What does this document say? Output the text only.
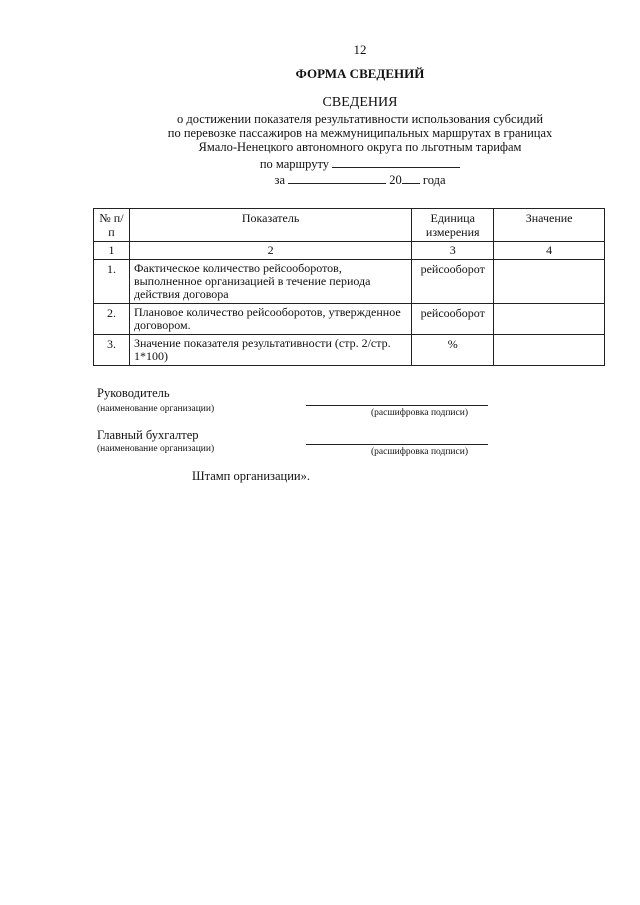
12
ФОРМА СВЕДЕНИЙ
СВЕДЕНИЯ
о достижении показателя результативности использования субсидий
по перевозке пассажиров на межмуниципальных маршрутах в границах
Ямало-Ненецкого автономного округа по льготным тарифам
по маршруту
за	20 года
№ п/п	Показатель	Единица измерения	Значение
1	2	3	4
1.	Фактическое количество рейсооборотов, выполненное организацией в течение периода действия договора	рейсооборот	
2.	Плановое количество рейсооборотов, утвержденное договором.	рейсооборот	
3.	Значение показателя результативности (стр. 2/стр. 1*100)	%	
Руководитель
(наименование организации)	(расшифровка подписи)
Главный бухгалтер
(наименование организации)	(расшифровка подписи)
Штамп организации».
